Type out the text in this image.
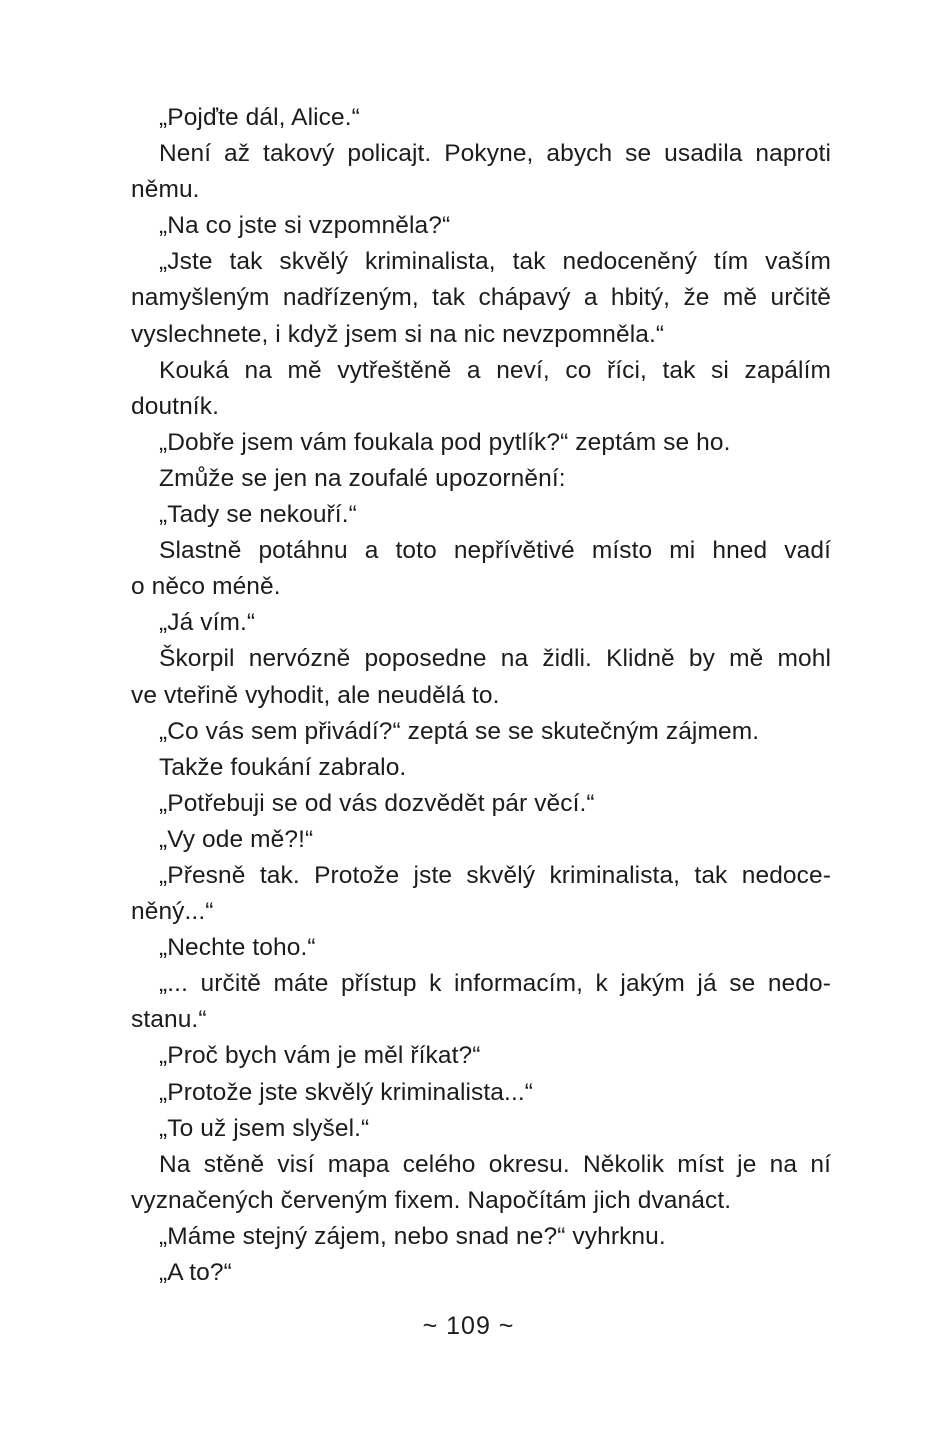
„Pojďte dál, Alice.“
Není až takový policajt. Pokyne, abych se usadila naproti
němu.
„Na co jste si vzpomněla?“
„Jste tak skvělý kriminalista, tak nedoceněný tím vaším
namyšleným nadřízeným, tak chápavý a hbitý, že mě určitě
vyslechnete, i když jsem si na nic nevzpomněla.“
Kouká na mě vytřeštěně a neví, co říci, tak si zapálím
doutník.
„Dobře jsem vám foukala pod pytlík?“ zeptám se ho.
Zmůže se jen na zoufalé upozornění:
„Tady se nekouří.“
Slastně potáhnu a toto nepřívětivé místo mi hned vadí
o něco méně.
„Já vím.“
Škorpil nervózně poposedne na židli. Klidně by mě mohl
ve vteřině vyhodit, ale neudělá to.
„Co vás sem přivádí?“ zeptá se se skutečným zájmem.
Takže foukání zabralo.
„Potřebuji se od vás dozvědět pár věcí.“
„Vy ode mě?!“
„Přesně tak. Protože jste skvělý kriminalista, tak nedoce-
něný...“
„Nechte toho.“
„... určitě máte přístup k informacím, k jakým já se nedo-
stanu.“
„Proč bych vám je měl říkat?“
„Protože jste skvělý kriminalista...“
„To už jsem slyšel.“
Na stěně visí mapa celého okresu. Několik míst je na ní
vyznačených červeným fixem. Napočítám jich dvanáct.
„Máme stejný zájem, nebo snad ne?“ vyhrknu.
„A to?“
~ 109 ~
